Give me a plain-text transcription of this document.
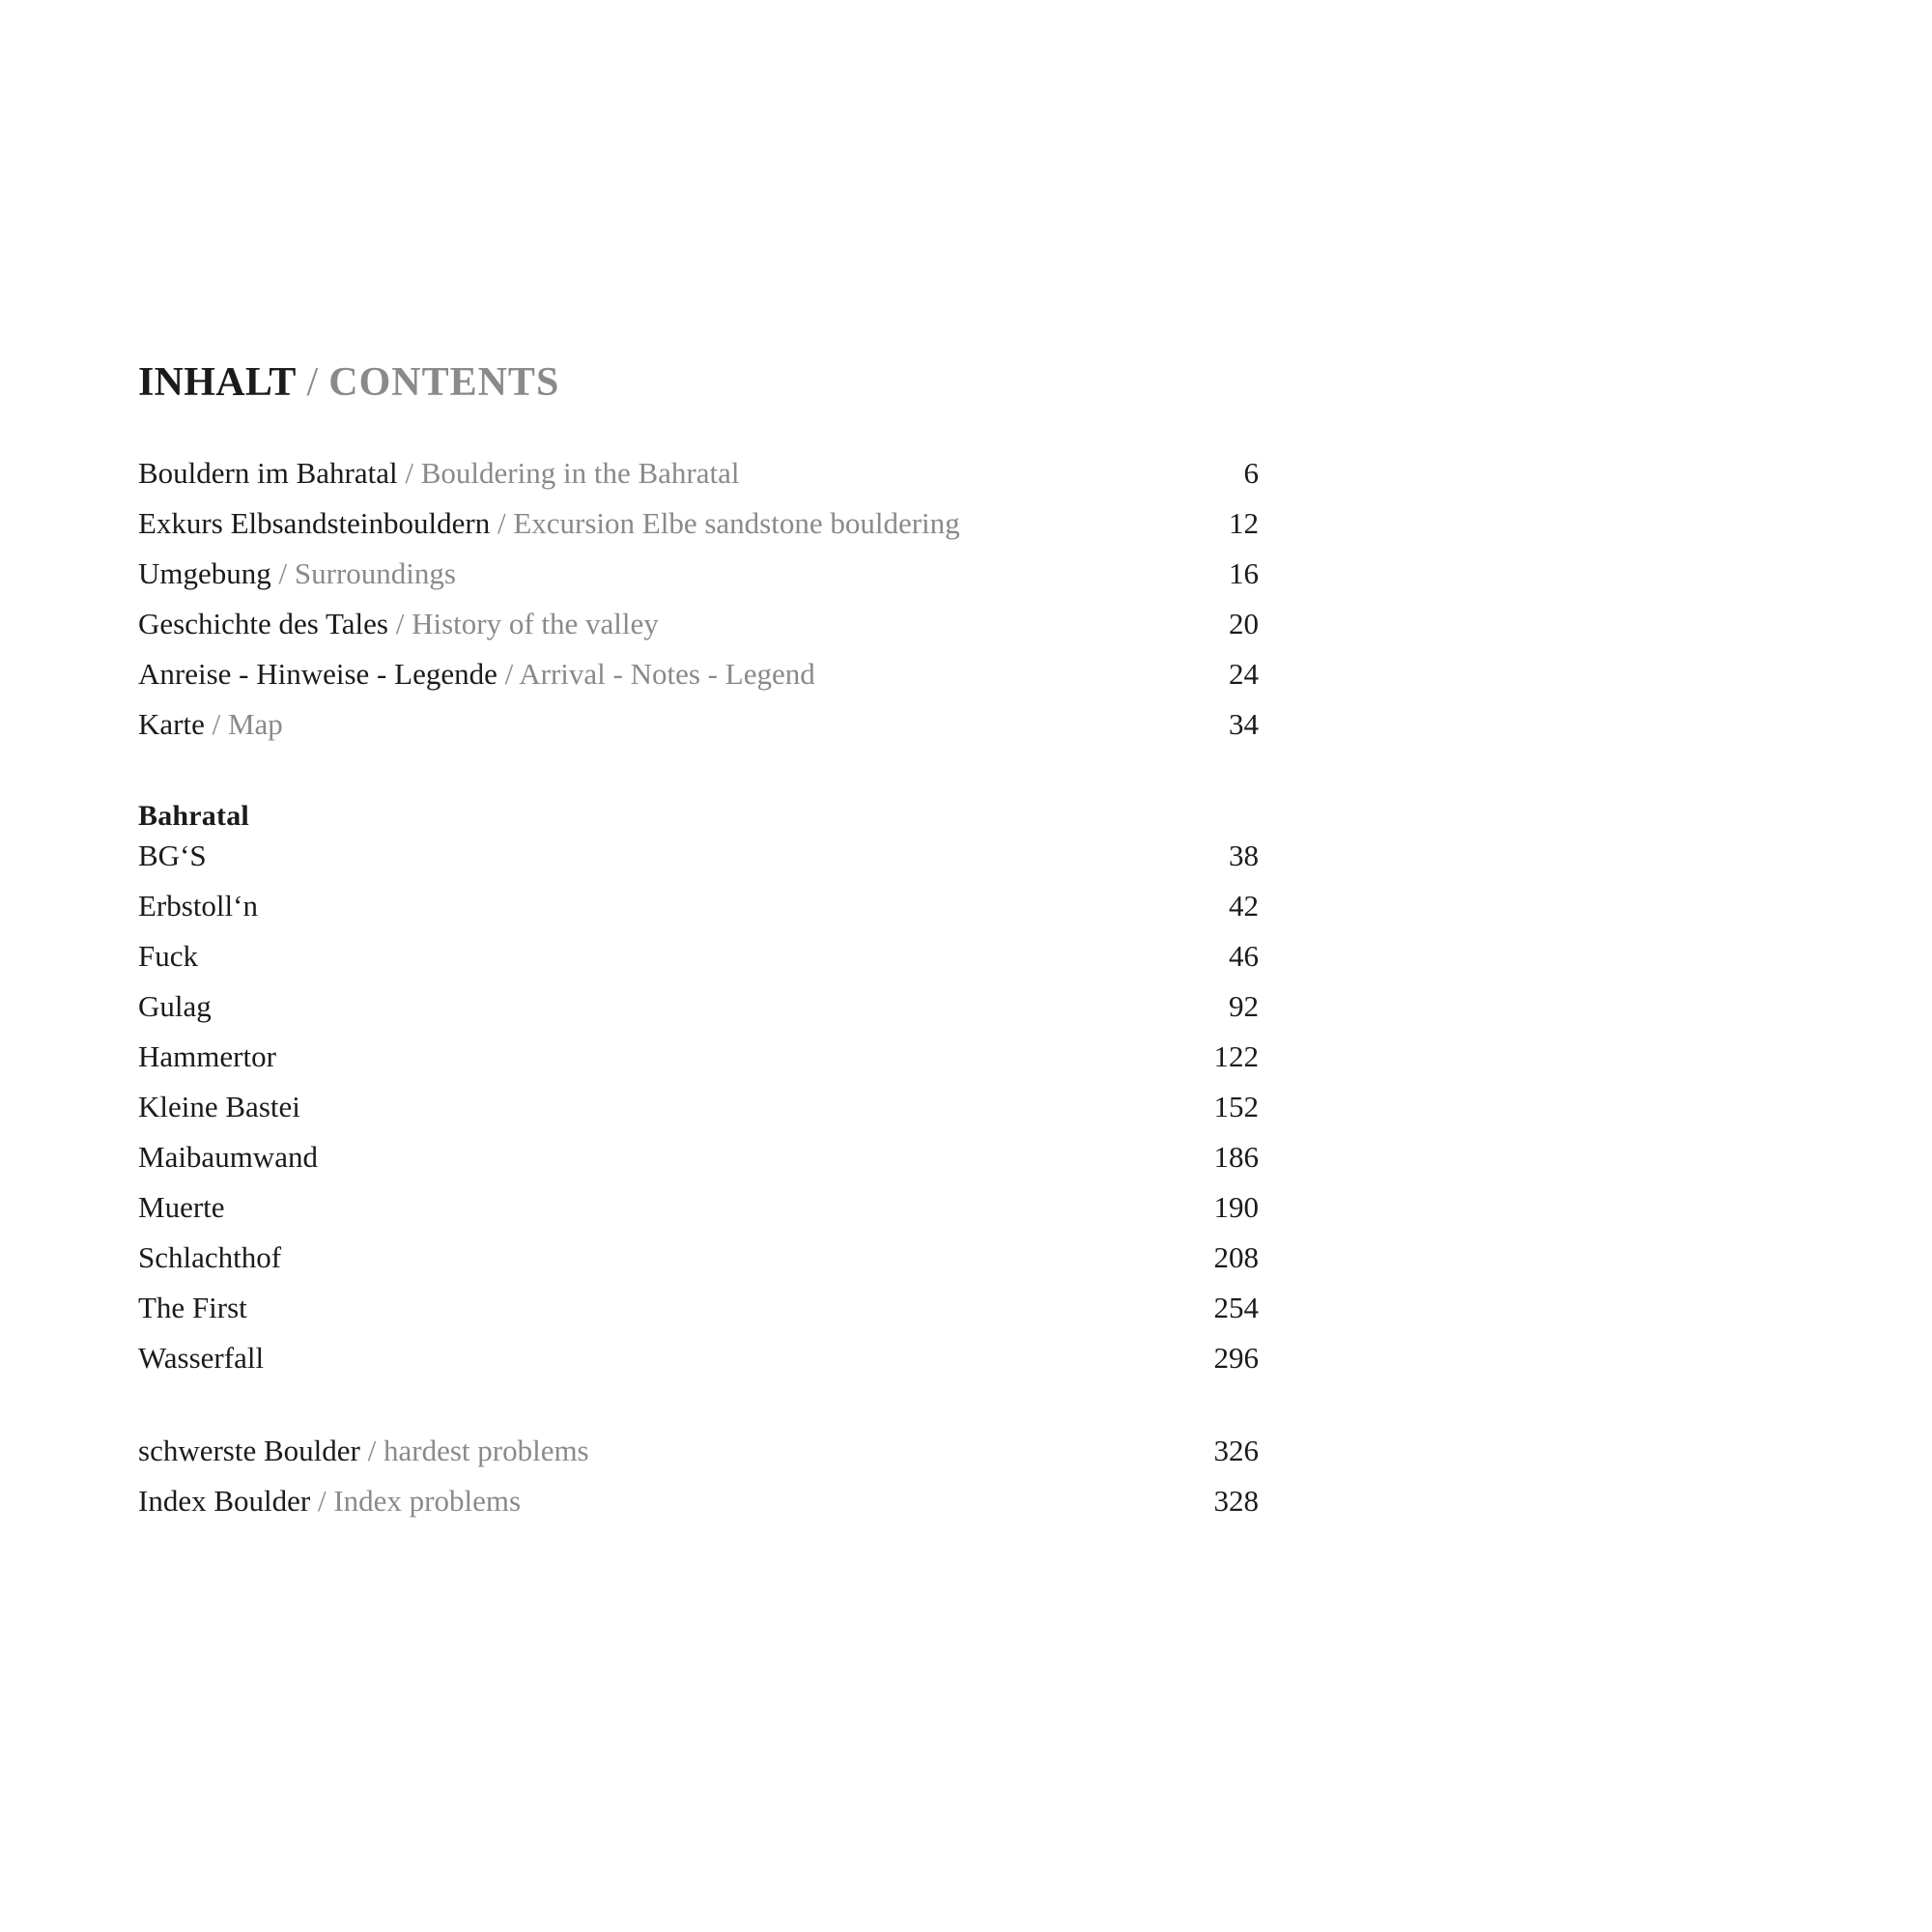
INHALT / CONTENTS
Bouldern im Bahratal / Bouldering in the Bahratal	6
Exkurs Elbsandsteinbouldern / Excursion Elbe sandstone bouldering	12
Umgebung / Surroundings	16
Geschichte des Tales / History of the valley	20
Anreise - Hinweise - Legende / Arrival - Notes - Legend	24
Karte / Map	34
Bahratal
BG‘S	38
Erbstoll‘n	42
Fuck	46
Gulag	92
Hammertor	122
Kleine Bastei	152
Maibaumwand	186
Muerte	190
Schlachthof	208
The First	254
Wasserfall	296
schwerste Boulder / hardest problems	326
Index Boulder / Index problems	328
